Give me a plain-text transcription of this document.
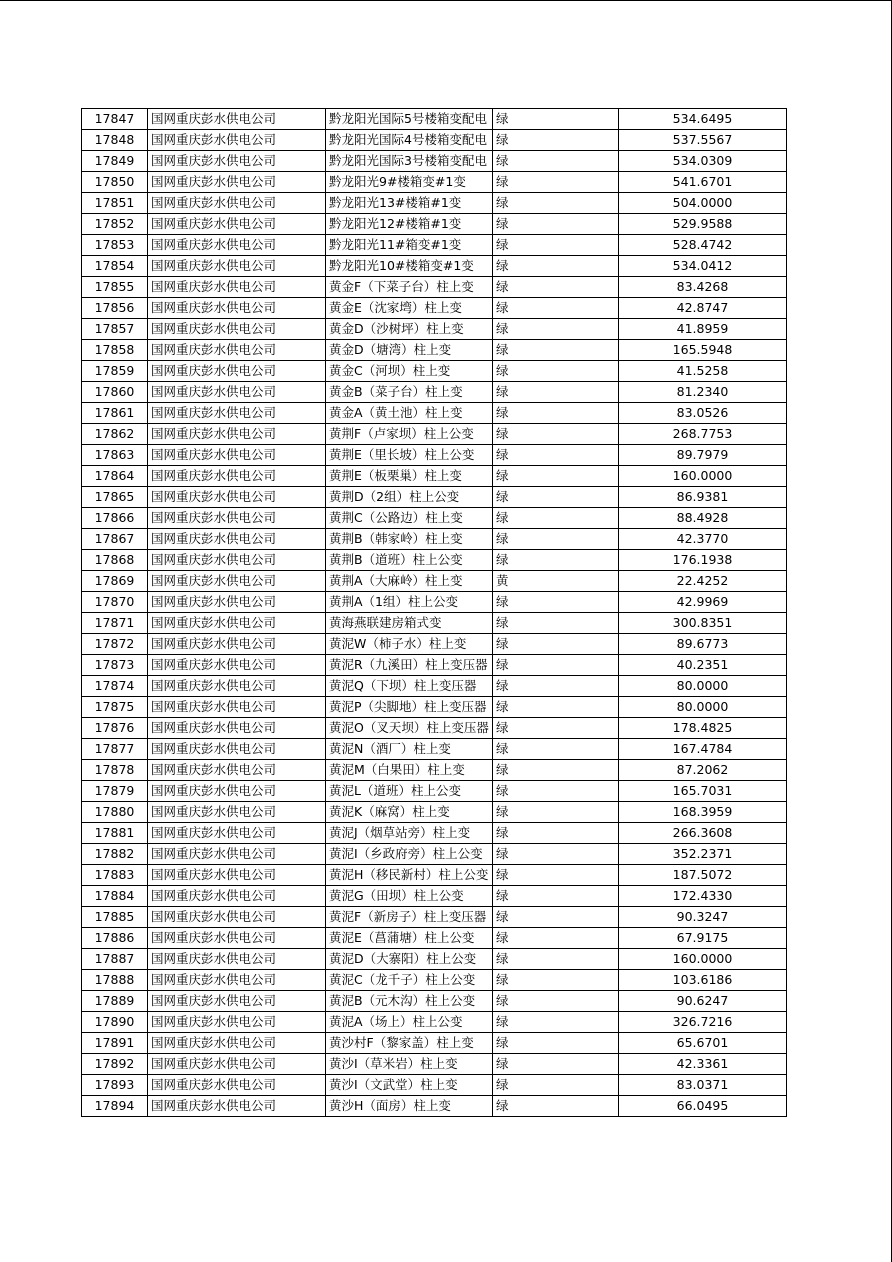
17847	国网重庆彭水供电公司	黔龙阳光国际5号楼箱变配电	绿	534.6495
17848	国网重庆彭水供电公司	黔龙阳光国际4号楼箱变配电	绿	537.5567
17849	国网重庆彭水供电公司	黔龙阳光国际3号楼箱变配电	绿	534.0309
17850	国网重庆彭水供电公司	黔龙阳光9#楼箱变#1变	绿	541.6701
17851	国网重庆彭水供电公司	黔龙阳光13#楼箱#1变	绿	504.0000
17852	国网重庆彭水供电公司	黔龙阳光12#楼箱#1变	绿	529.9588
17853	国网重庆彭水供电公司	黔龙阳光11#箱变#1变	绿	528.4742
17854	国网重庆彭水供电公司	黔龙阳光10#楼箱变#1变	绿	534.0412
17855	国网重庆彭水供电公司	黄金F（下菜子台）柱上变	绿	83.4268
17856	国网重庆彭水供电公司	黄金E（沈家塆）柱上变	绿	42.8747
17857	国网重庆彭水供电公司	黄金D（沙树坪）柱上变	绿	41.8959
17858	国网重庆彭水供电公司	黄金D（塘湾）柱上变	绿	165.5948
17859	国网重庆彭水供电公司	黄金C（河坝）柱上变	绿	41.5258
17860	国网重庆彭水供电公司	黄金B（菜子台）柱上变	绿	81.2340
17861	国网重庆彭水供电公司	黄金A（黄土池）柱上变	绿	83.0526
17862	国网重庆彭水供电公司	黄荆F（卢家坝）柱上公变	绿	268.7753
17863	国网重庆彭水供电公司	黄荆E（里长坡）柱上公变	绿	89.7979
17864	国网重庆彭水供电公司	黄荆E（板栗巢）柱上变	绿	160.0000
17865	国网重庆彭水供电公司	黄荆D（2组）柱上公变	绿	86.9381
17866	国网重庆彭水供电公司	黄荆C（公路边）柱上变	绿	88.4928
17867	国网重庆彭水供电公司	黄荆B（韩家岭）柱上变	绿	42.3770
17868	国网重庆彭水供电公司	黄荆B（道班）柱上公变	绿	176.1938
17869	国网重庆彭水供电公司	黄荆A（大麻岭）柱上变	黄	22.4252
17870	国网重庆彭水供电公司	黄荆A（1组）柱上公变	绿	42.9969
17871	国网重庆彭水供电公司	黄海燕联建房箱式变	绿	300.8351
17872	国网重庆彭水供电公司	黄泥W（柿子水）柱上变	绿	89.6773
17873	国网重庆彭水供电公司	黄泥R（九溪田）柱上变压器	绿	40.2351
17874	国网重庆彭水供电公司	黄泥Q（下坝）柱上变压器	绿	80.0000
17875	国网重庆彭水供电公司	黄泥P（尖脚地）柱上变压器	绿	80.0000
17876	国网重庆彭水供电公司	黄泥O（叉天坝）柱上变压器	绿	178.4825
17877	国网重庆彭水供电公司	黄泥N（酒厂）柱上变	绿	167.4784
17878	国网重庆彭水供电公司	黄泥M（白果田）柱上变	绿	87.2062
17879	国网重庆彭水供电公司	黄泥L（道班）柱上公变	绿	165.7031
17880	国网重庆彭水供电公司	黄泥K（麻窝）柱上变	绿	168.3959
17881	国网重庆彭水供电公司	黄泥J（烟草站旁）柱上变	绿	266.3608
17882	国网重庆彭水供电公司	黄泥I（乡政府旁）柱上公变	绿	352.2371
17883	国网重庆彭水供电公司	黄泥H（移民新村）柱上公变	绿	187.5072
17884	国网重庆彭水供电公司	黄泥G（田坝）柱上公变	绿	172.4330
17885	国网重庆彭水供电公司	黄泥F（新房子）柱上变压器	绿	90.3247
17886	国网重庆彭水供电公司	黄泥E（菖蒲塘）柱上公变	绿	67.9175
17887	国网重庆彭水供电公司	黄泥D（大寨阳）柱上公变	绿	160.0000
17888	国网重庆彭水供电公司	黄泥C（龙千子）柱上公变	绿	103.6186
17889	国网重庆彭水供电公司	黄泥B（元木沟）柱上公变	绿	90.6247
17890	国网重庆彭水供电公司	黄泥A（场上）柱上公变	绿	326.7216
17891	国网重庆彭水供电公司	黄沙村F（黎家盖）柱上变	绿	65.6701
17892	国网重庆彭水供电公司	黄沙I（草米岩）柱上变	绿	42.3361
17893	国网重庆彭水供电公司	黄沙I（文武堂）柱上变	绿	83.0371
17894	国网重庆彭水供电公司	黄沙H（面房）柱上变	绿	66.0495
